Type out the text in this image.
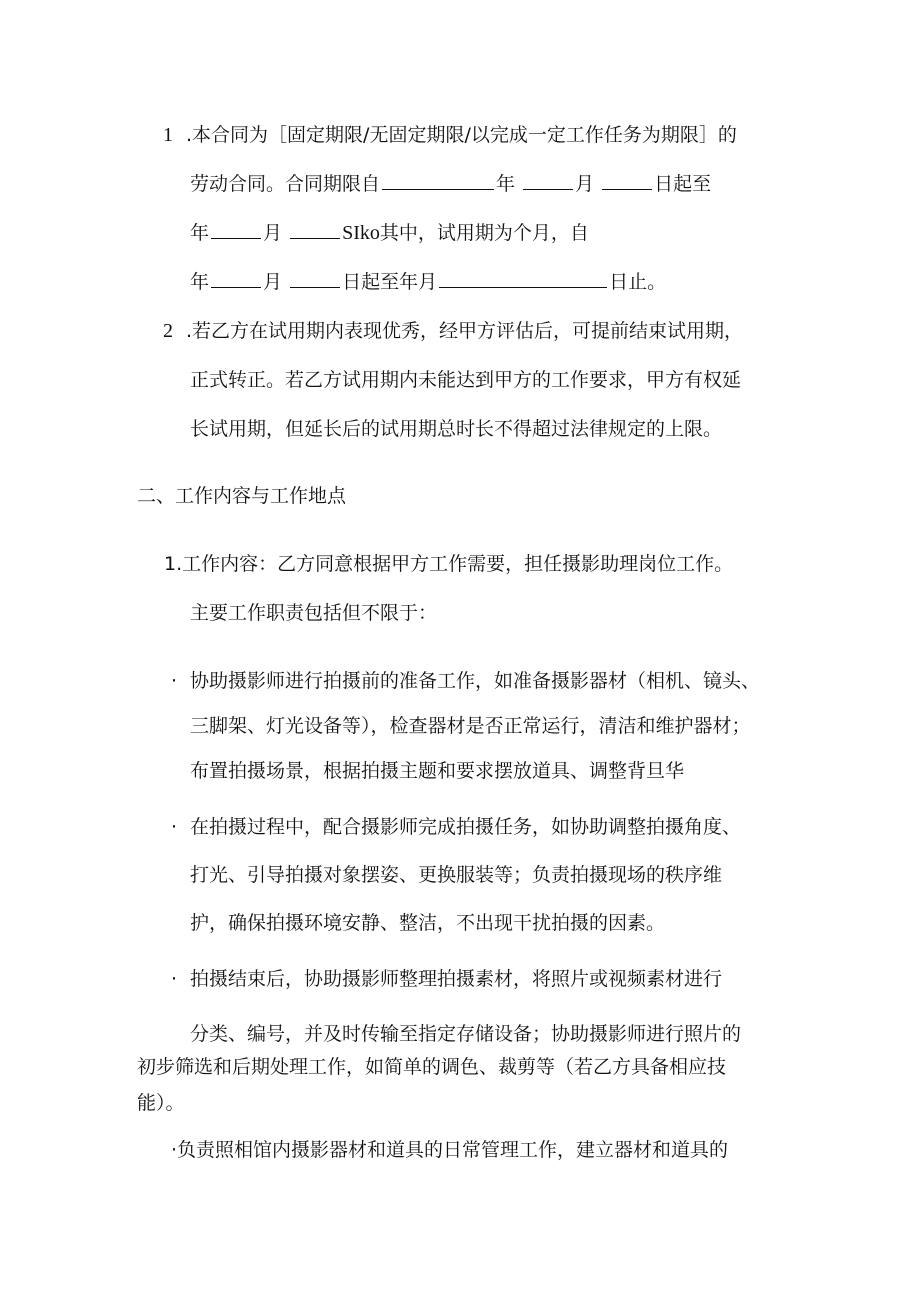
1 .本合同为［固定期限/无固定期限/以完成一定工作任务为期限］的
劳动合同。合同期限自	年	月	日起至
年	月	SIko其中，试用期为个月，自
年	月	日起至年月	日止。
2 .若乙方在试用期内表现优秀，经甲方评估后，可提前结束试用期，
正式转正。若乙方试用期内未能达到甲方的工作要求，甲方有权延
长试用期，但延长后的试用期总时长不得超过法律规定的上限。
二、工作内容与工作地点
1.工作内容：乙方同意根据甲方工作需要，担任摄影助理岗位工作。
主要工作职责包括但不限于：
· 协助摄影师进行拍摄前的准备工作，如准备摄影器材（相机、镜头、
三脚架、灯光设备等），检查器材是否正常运行，清洁和维护器材；
布置拍摄场景，根据拍摄主题和要求摆放道具、调整背旦华
· 在拍摄过程中，配合摄影师完成拍摄任务，如协助调整拍摄角度、
打光、引导拍摄对象摆姿、更换服装等；负责拍摄现场的秩序维
护，确保拍摄环境安静、整洁，不出现干扰拍摄的因素。
· 拍摄结束后，协助摄影师整理拍摄素材，将照片或视频素材进行
分类、编号，并及时传输至指定存储设备；协助摄影师进行照片的
初步筛选和后期处理工作，如简单的调色、裁剪等（若乙方具备相应技
能）。
·负责照相馆内摄影器材和道具的日常管理工作，建立器材和道具的
